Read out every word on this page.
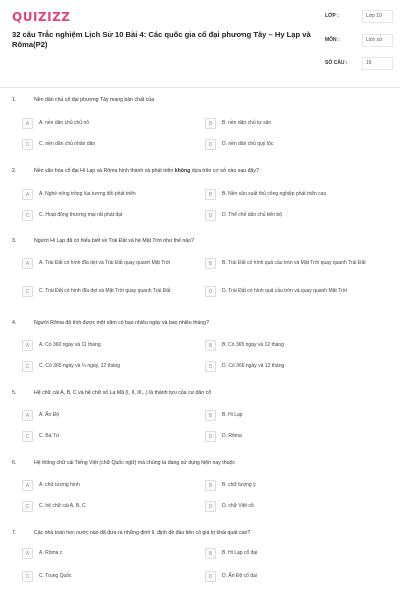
QUIZIZZ
32 câu Trắc nghiệm Lịch Sử 10 Bài 4: Các quốc gia cổ đại phương Tây – Hy Lạp và Rôma(P2)
LỚP :	Lớp 10
MÔN :	Lịch sử
SỐ CÂU :	16
1.	Nền dân chủ cổ đại phương Tây mang bản chất của
A	A. nền dân chủ chủ nô	B	B. nền dân chủ tư sản
C	C. nền dân chủ nhân dân	D	D. nền dân chủ quý tộc
2.	Nền văn hóa cổ đại Hi Lạp và Rôma hình thành và phát triển không dựa trên cơ sở nào sau đây?
A	A. Nghề nông trồng lúa tương đối phát triển	B	B. Nền sản xuất thủ công nghiệp phát triển cao
C	C. Hoạt động thương mại rất phát đạt	D	D. Thể chế dân chủ tiến bộ
3.	Người Hi Lạp đã có hiểu biết về Trái Đất và hệ Mặt Trời như thế nào?
A	A. Trái Đất có hình đĩa dẹt và Trái Đất quay quanh Mặt Trời	B	B. Trái Đất có hình quả cầu tròn và Mặt Trời quay quanh Trái Đất
C	C. Trái Đất có hình đĩa dẹt và Mặt Trời quay quanh Trái Đất	D	D. Trái Đất có hình quả cầu tròn và quay quanh Mặt Trời
4.	Người Rôma đã tính được một năm có bao nhiêu ngày và bao nhiêu tháng?
A	A. Có 360 ngày và 11 tháng	B	B. Có 365 ngày và 12 tháng
C	C. Có 365 ngày và ¼ ngày, 12 tháng	D	D. Có 366 ngày và 12 tháng
5.	Hệ chữ cái A, B, C và hệ chữ số La Mã (I, II, III,..) là thành tựu của cư dân cổ
A	A. Ấn Độ	B	B. Hi Lạp
C	C. Ba Tư	D	D. Rôma
6.	Hệ thống chữ cái Tiếng Việt (chữ Quốc ngữ) mà chúng ta đang sử dụng hiện nay thuộc
A	A. chữ tượng hình	B	B. chữ tượng ý
C	C. hệ chữ cái A, B, C	D	D. chữ Việt cổ
7.	Các nhà toán học nước nào đã đưa ra những định lí, định đề đầu tiên có giá trị khái quát cao?
A	A. Rôma c	B	B. Hi Lạp cổ đại
C	C. Trung Quốc	D	D. Ấn Độ cổ đại
